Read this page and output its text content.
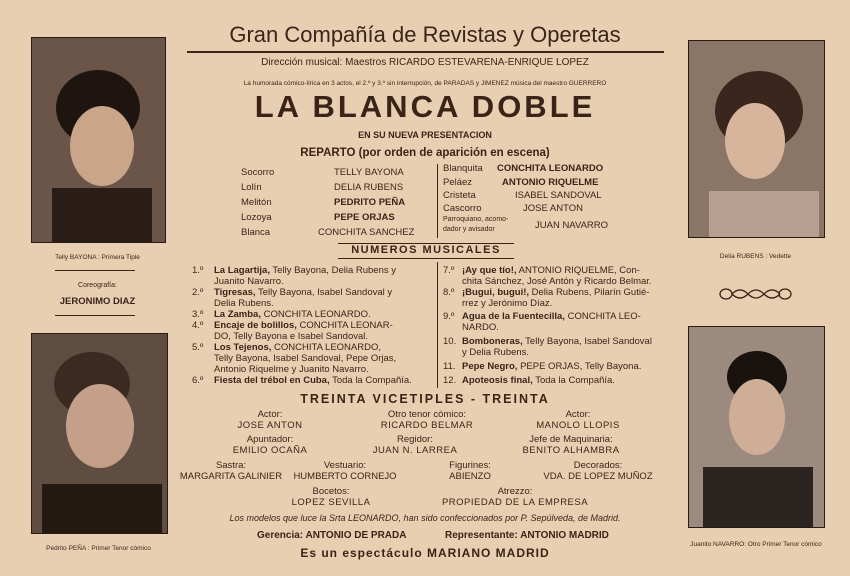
Telly BAYONA : Primera Tiple	Delia RUBENS : Vedette
Pedrito PEÑA : Primer Tenor cómico
Juanito NAVARRO: Otro Primer Tenor cómico
Coreografía:
JERONIMO DIAZ
Gran Compañía de Revistas y Operetas
Dirección musical: Maestros RICARDO ESTEVARENA-ENRIQUE LOPEZ
La humorada cómico-lírica en 3 actos, el 2.º y 3.º sin interrupción, de PARADAS y JIMENEZ música del maestro GUERRERO
LA BLANCA DOBLE
EN SU NUEVA PRESENTACION
REPARTO (por orden de aparición en escena)
Socorro	TELLY BAYONA
Lolín	DELIA RUBENS
Melitón	PEDRITO PEÑA
Lozoya	PEPE ORJAS
Blanca	CONCHITA SANCHEZ
Blanquita CONCHITA LEONARDO
Peláez	ANTONIO RIQUELME
Cristeta	ISABEL SANDOVAL
Cascorro	JOSE ANTON
Parroquiano, acomo-
dador y avisador	JUAN NAVARRO
NUMEROS MUSICALES
1.º	La Lagartija, Telly Bayona, Delia Rubens y
Juanito Navarro.
2.º	Tigresas, Telly Bayona, Isabel Sandoval y
Delia Rubens.
3.º	La Zamba, CONCHITA LEONARDO.
4.º	Encaje de bolillos, CONCHITA LEONAR-
DO, Telly Bayona e Isabel Sandoval.
5.º	Los Tejenos, CONCHITA LEONARDO,
Telly Bayona, Isabel Sandoval, Pepe Orjas,
Antonio Riquelme y Juanito Navarro.
6.º	Fiesta del trébol en Cuba, Toda la Compañía.
7.º ¡Ay que tío!, ANTONIO RIQUELME, Con-
chita Sánchez, José Antón y Ricardo Belmar.
8.º ¡Bugui, bugui!, Delia Rubens, Pilarín Gutié-
rrez y Jerónimo Díaz.
9.º Agua de la Fuentecilla, CONCHITA LEO-
NARDO.
10. Bomboneras, Telly Bayona, Isabel Sandoval
y Delia Rubens.
11. Pepe Negro, PEPE ORJAS, Telly Bayona.
12. Apoteosis final, Toda la Compañía.
TREINTA VICETIPLES - TREINTA
Actor:
JOSE ANTON
Otro tenor cómico:
RICARDO BELMAR
Actor:
MANOLO LLOPIS
Apuntador:
EMILIO OCAÑA
Regidor:
JUAN N. LARREA
Jefe de Maquinaria:
BENITO ALHAMBRA
Sastra:
MARGARITA GALINIER
Vestuario:
HUMBERTO CORNEJO
Figurines:
ABIENZO
Decorados:
VDA. DE LOPEZ MUÑOZ
Bocetos:
LOPEZ SEVILLA
Atrezzo:
PROPIEDAD DE LA EMPRESA
Los modelos que luce la Srta LEONARDO, han sido confeccionados por P. Sepúlveda, de Madrid.
Gerencia: ANTONIO DE PRADA	Representante: ANTONIO MADRID
Es un espectáculo MARIANO MADRID
